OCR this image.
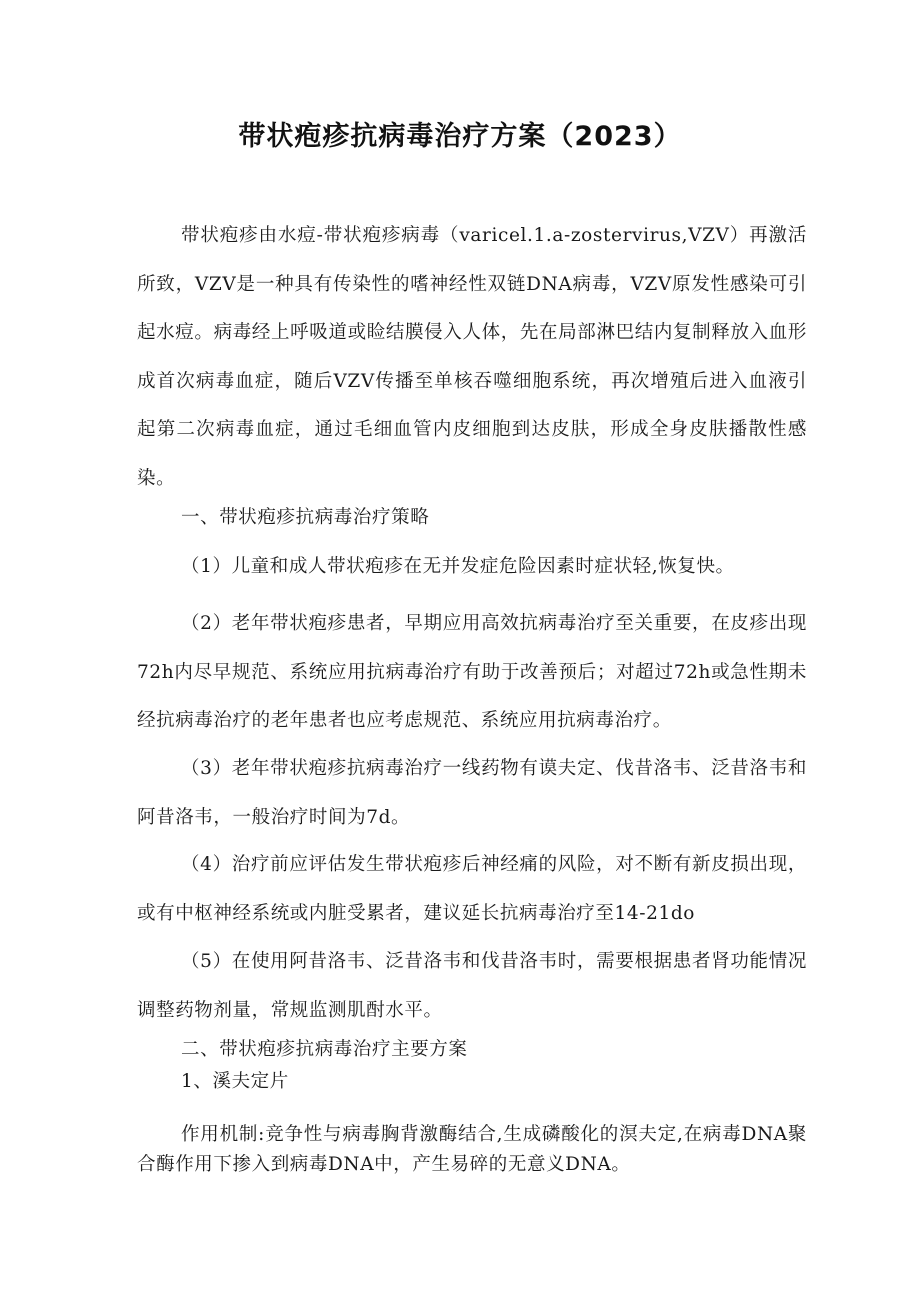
带状疱疹抗病毒治疗方案（2023）

带状疱疹由水痘-带状疱疹病毒（varicel.1.a-zostervirus,VZV）再激活所致，VZV是一种具有传染性的嗜神经性双链DNA病毒，VZV原发性感染可引起水痘。病毒经上呼吸道或睑结膜侵入人体，先在局部淋巴结内复制释放入血形成首次病毒血症，随后VZV传播至单核吞噬细胞系统，再次增殖后进入血液引起第二次病毒血症，通过毛细血管内皮细胞到达皮肤，形成全身皮肤播散性感染。

一、带状疱疹抗病毒治疗策略

（1）儿童和成人带状疱疹在无并发症危险因素时症状轻,恢复快。

（2）老年带状疱疹患者，早期应用高效抗病毒治疗至关重要，在皮疹出现72h内尽早规范、系统应用抗病毒治疗有助于改善预后；对超过72h或急性期未经抗病毒治疗的老年患者也应考虑规范、系统应用抗病毒治疗。

（3）老年带状疱疹抗病毒治疗一线药物有谟夫定、伐昔洛韦、泛昔洛韦和阿昔洛韦，一般治疗时间为7d。

（4）治疗前应评估发生带状疱疹后神经痛的风险，对不断有新皮损出现，或有中枢神经系统或内脏受累者，建议延长抗病毒治疗至14-21do

（5）在使用阿昔洛韦、泛昔洛韦和伐昔洛韦时，需要根据患者肾功能情况调整药物剂量，常规监测肌酎水平。

二、带状疱疹抗病毒治疗主要方案

1、溪夫定片

作用机制:竞争性与病毒胸背激酶结合,生成磷酸化的溟夫定,在病毒DNA聚合酶作用下掺入到病毒DNA中，产生易碎的无意义DNA。
